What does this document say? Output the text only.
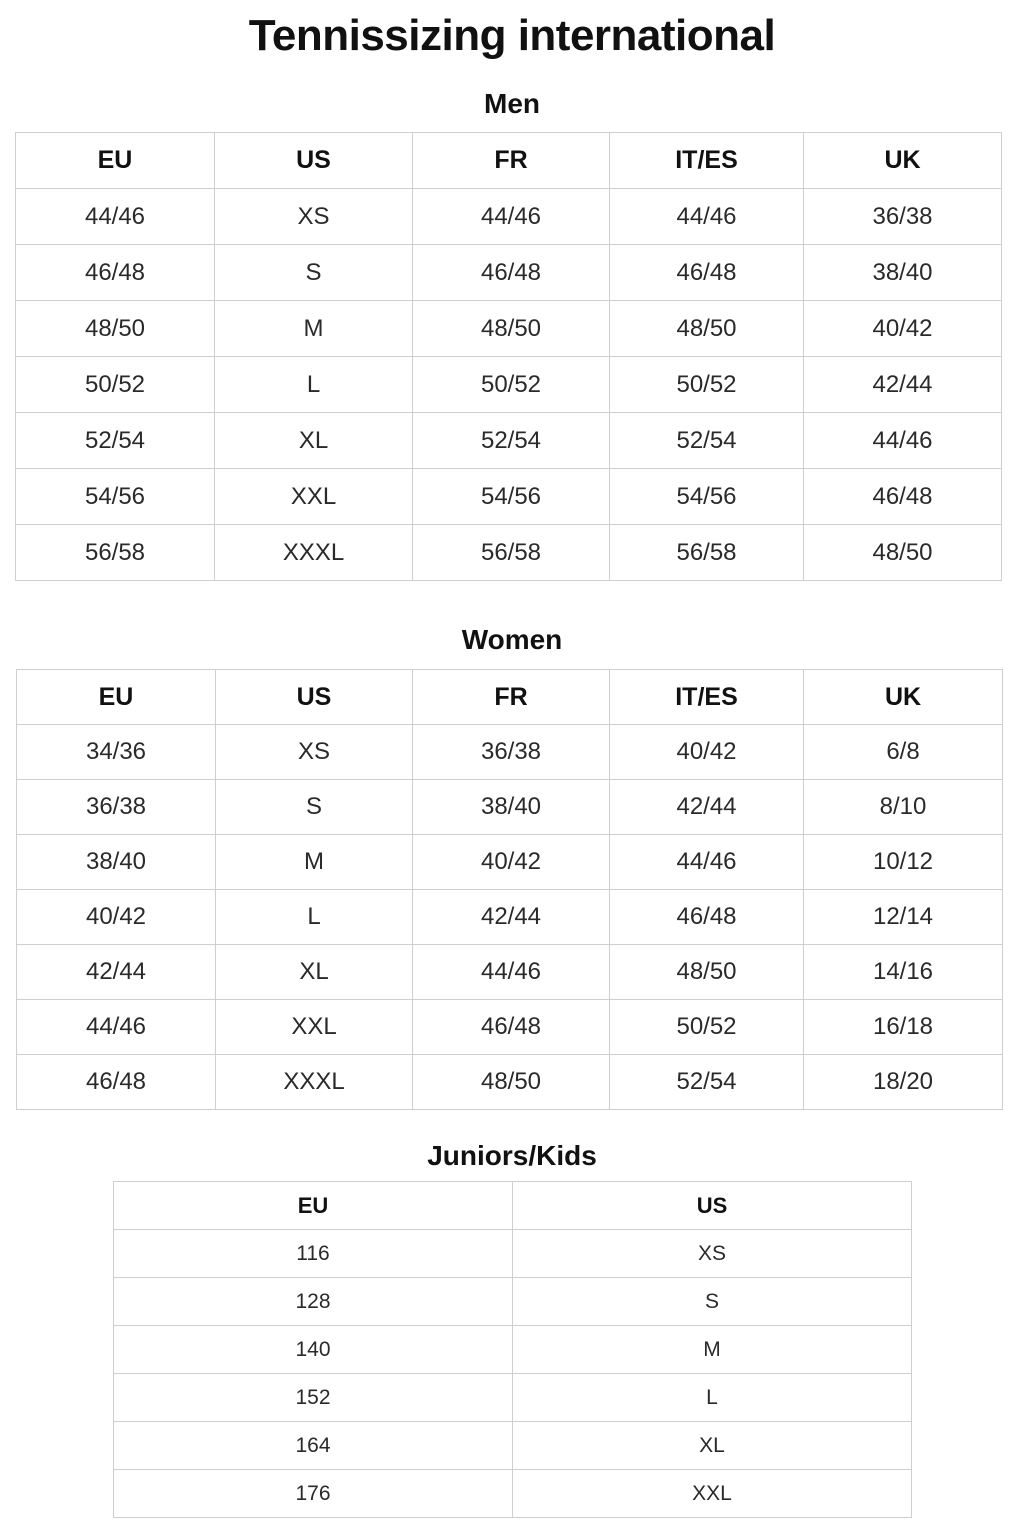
Tennissizing international
Men
EU	US	FR	IT/ES	UK
44/46	XS	44/46	44/46	36/38
46/48	S	46/48	46/48	38/40
48/50	M	48/50	48/50	40/42
50/52	L	50/52	50/52	42/44
52/54	XL	52/54	52/54	44/46
54/56	XXL	54/56	54/56	46/48
56/58	XXXL	56/58	56/58	48/50
Women
EU	US	FR	IT/ES	UK
34/36	XS	36/38	40/42	6/8
36/38	S	38/40	42/44	8/10
38/40	M	40/42	44/46	10/12
40/42	L	42/44	46/48	12/14
42/44	XL	44/46	48/50	14/16
44/46	XXL	46/48	50/52	16/18
46/48	XXXL	48/50	52/54	18/20
Juniors/Kids
EU	US
116	XS
128	S
140	M
152	L
164	XL
176	XXL
